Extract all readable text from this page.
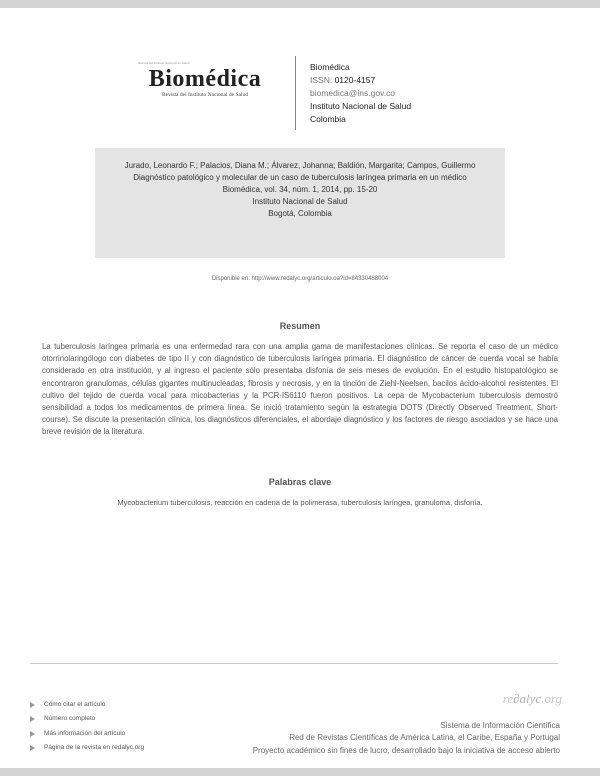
Revista del Instituto Nacional de Salud
Biomédica
Revista del Instituto Nacional de Salud
Biomédica
ISSN: 0120-4157
biomedica@ins.gov.co
Instituto Nacional de Salud
Colombia
Jurado, Leonardo F.; Palacios, Diana M.; Álvarez, Johanna; Baldión, Margarita; Campos, Guillermo
Diagnóstico patológico y molecular de un caso de tuberculosis laríngea primaria en un médico
Biomédica, vol. 34, núm. 1, 2014, pp. 15-20
Instituto Nacional de Salud
Bogotá, Colombia
Disponible en: http://www.redalyc.org/articulo.oa?id=84330488004
Resumen
La tuberculosis laríngea primaria es una enfermedad rara con una amplia gama de manifestaciones clínicas. Se reporta el caso de un médico otorrinolaringólogo con diabetes de tipo II y con diagnóstico de tuberculosis laríngea primaria. El diagnóstico de cáncer de cuerda vocal se había considerado en otra institución, y al ingreso el paciente sólo presentaba disfonía de seis meses de evolución. En el estudio histopatológico se encontraron granulomas, células gigantes multinucleadas, fibrosis y necrosis, y en la tinción de Ziehl-Neelsen, bacilos ácido-alcohol resistentes. El cultivo del tejido de cuerda vocal para micobacterias y la PCR-IS6110 fueron positivos. La cepa de Mycobacterium tuberculosis demostró sensibilidad a todos los medicamentos de primera línea. Se inició tratamiento según la estrategia DOTS (Directly Observed Treatment, Short-course). Se discute la presentación clínica, los diagnósticos diferenciales, el abordaje diagnóstico y los factores de riesgo asociados y se hace una breve revisión de la literatura.
Palabras clave
Mycobacterium tuberculosis, reacción en cadena de la polimerasa, tuberculosis laríngea, granuloma, disfonía.
Cómo citar el artículo
Número completo
Más información del artículo
Página de la revista en redalyc.org
re∂alyc.org
Sistema de Información Científica
Red de Revistas Científicas de América Latina, el Caribe, España y Portugal
Proyecto académico sin fines de lucro, desarrollado bajo la iniciativa de acceso abierto
